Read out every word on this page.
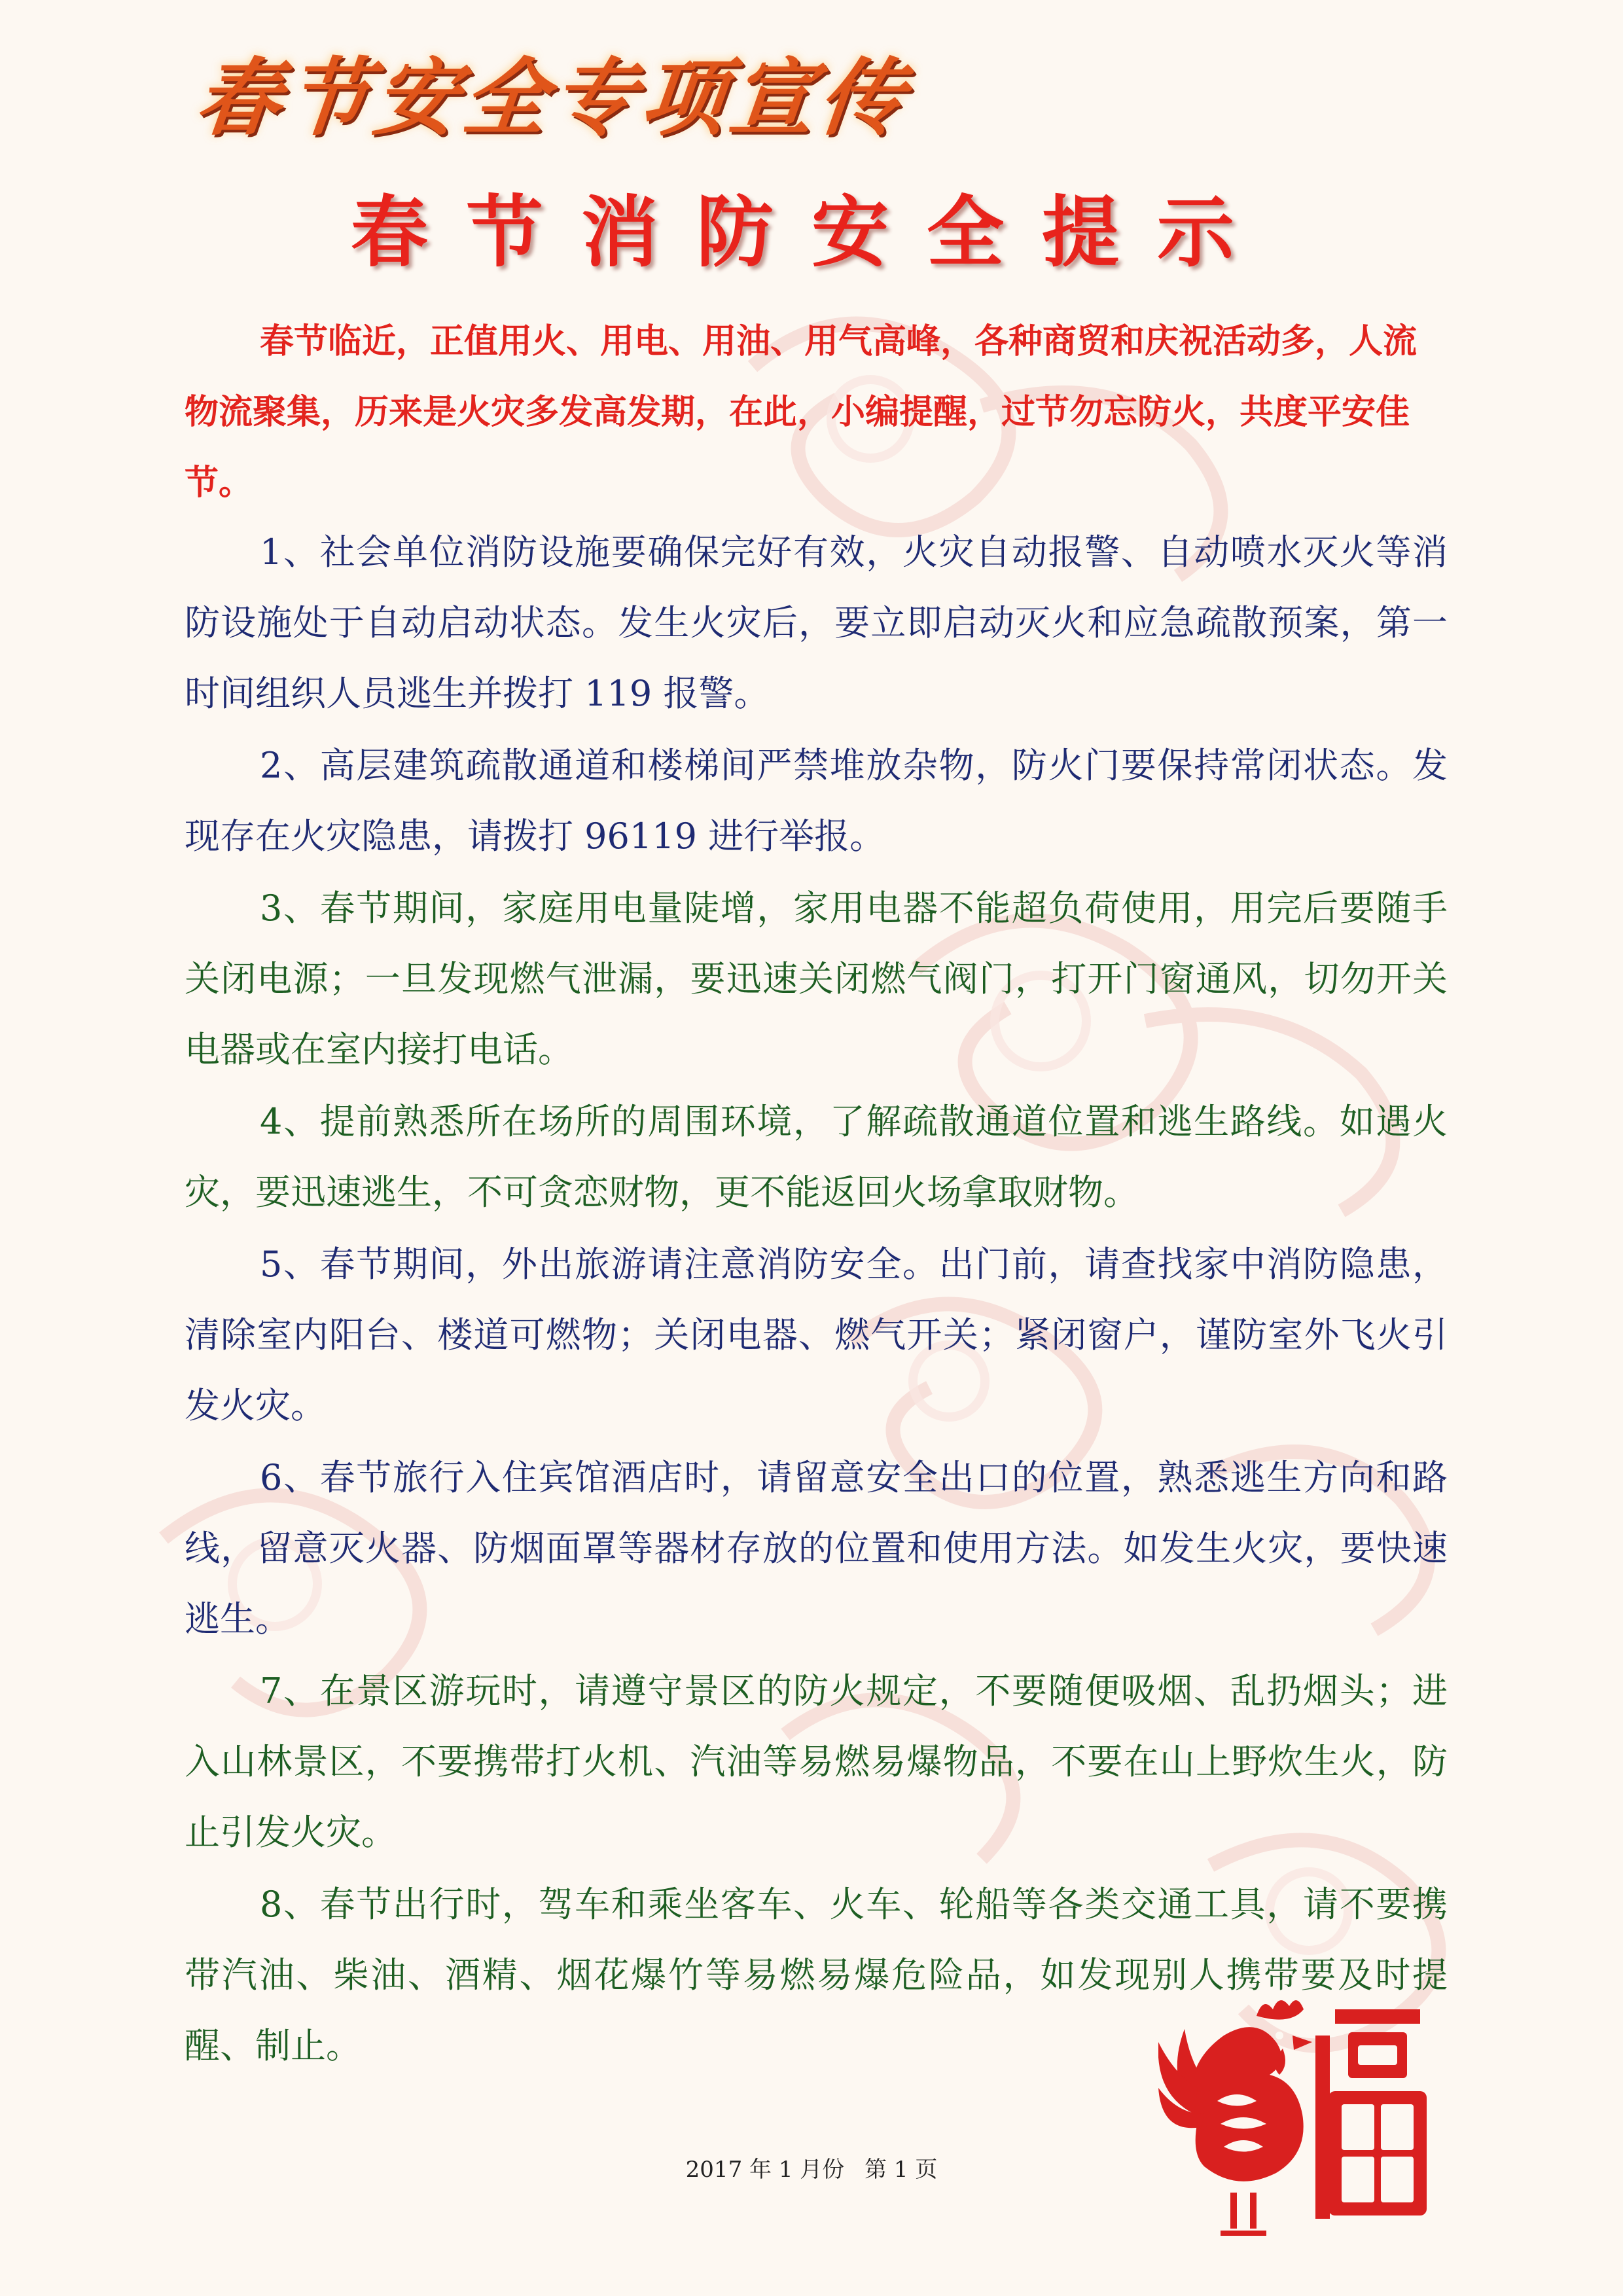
春节安全专项宣传
春节消防安全提示

春节临近，正值用火、用电、用油、用气高峰，各种商贸和庆祝活动多，人流物流聚集，历来是火灾多发高发期，在此，小编提醒，过节勿忘防火，共度平安佳节。

1、社会单位消防设施要确保完好有效，火灾自动报警、自动喷水灭火等消防设施处于自动启动状态。发生火灾后，要立即启动灭火和应急疏散预案，第一时间组织人员逃生并拨打 119 报警。

2、高层建筑疏散通道和楼梯间严禁堆放杂物，防火门要保持常闭状态。发现存在火灾隐患，请拨打 96119 进行举报。

3、春节期间，家庭用电量陡增，家用电器不能超负荷使用，用完后要随手关闭电源；一旦发现燃气泄漏，要迅速关闭燃气阀门，打开门窗通风，切勿开关电器或在室内接打电话。

4、提前熟悉所在场所的周围环境，了解疏散通道位置和逃生路线。如遇火灾，要迅速逃生，不可贪恋财物，更不能返回火场拿取财物。

5、春节期间，外出旅游请注意消防安全。出门前，请查找家中消防隐患，清除室内阳台、楼道可燃物；关闭电器、燃气开关；紧闭窗户，谨防室外飞火引发火灾。

6、春节旅行入住宾馆酒店时，请留意安全出口的位置，熟悉逃生方向和路线，留意灭火器、防烟面罩等器材存放的位置和使用方法。如发生火灾，要快速逃生。

7、在景区游玩时，请遵守景区的防火规定，不要随便吸烟、乱扔烟头；进入山林景区，不要携带打火机、汽油等易燃易爆物品，不要在山上野炊生火，防止引发火灾。

8、春节出行时，驾车和乘坐客车、火车、轮船等各类交通工具，请不要携带汽油、柴油、酒精、烟花爆竹等易燃易爆危险品，如发现别人携带要及时提醒、制止。

2017 年 1 月份 第 1 页
